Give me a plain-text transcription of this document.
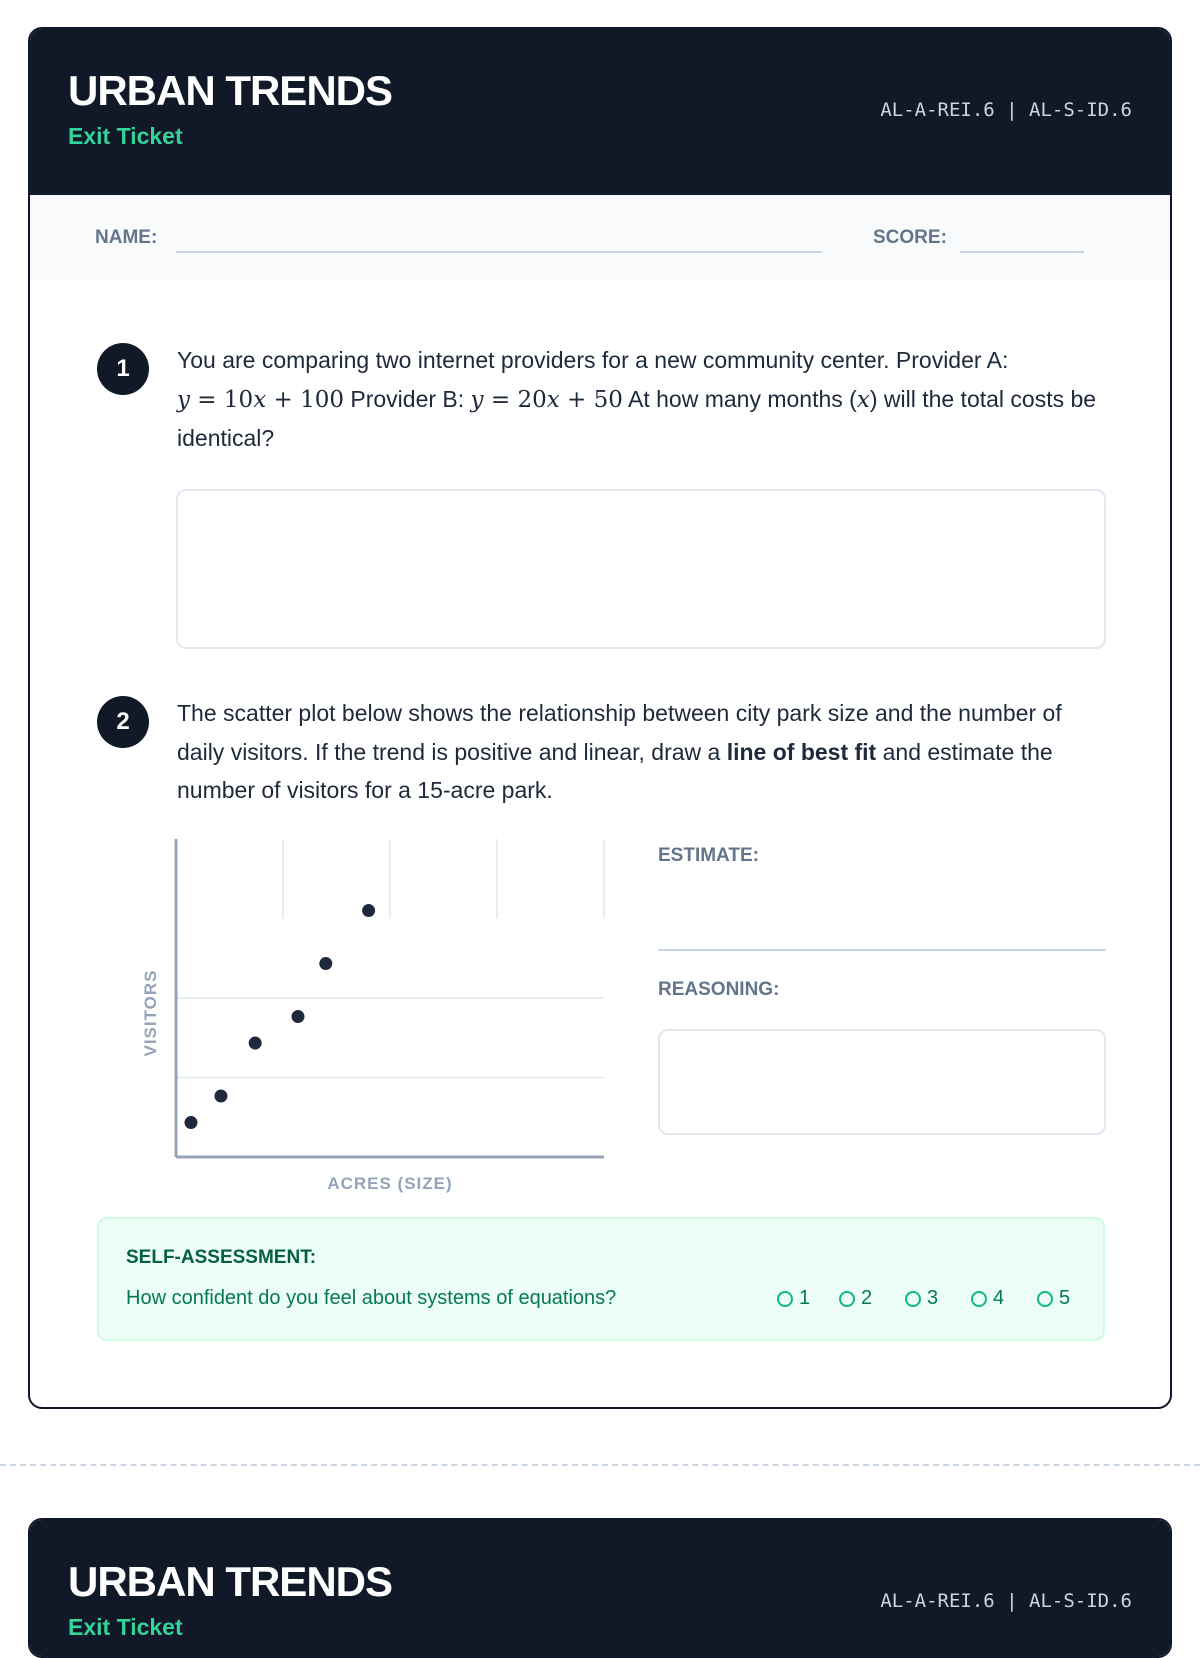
URBAN TRENDS
Exit Ticket
AL-A-REI.6 | AL-S-ID.6
NAME:	SCORE:
1	You are comparing two internet providers for a new community center. Provider A:
y = 10x + 100 Provider B: y = 20x + 50 At how many months (x) will the total costs be identical?
2	The scatter plot below shows the relationship between city park size and the number of daily visitors. If the trend is positive and linear, draw a line of best fit and estimate the number of visitors for a 15-acre park.
ACRES (SIZE)
VISITORS
ESTIMATE:
REASONING:
SELF-ASSESSMENT:
How confident do you feel about systems of equations?	1	2	3	4	5
URBAN TRENDS
Exit Ticket
AL-A-REI.6 | AL-S-ID.6
